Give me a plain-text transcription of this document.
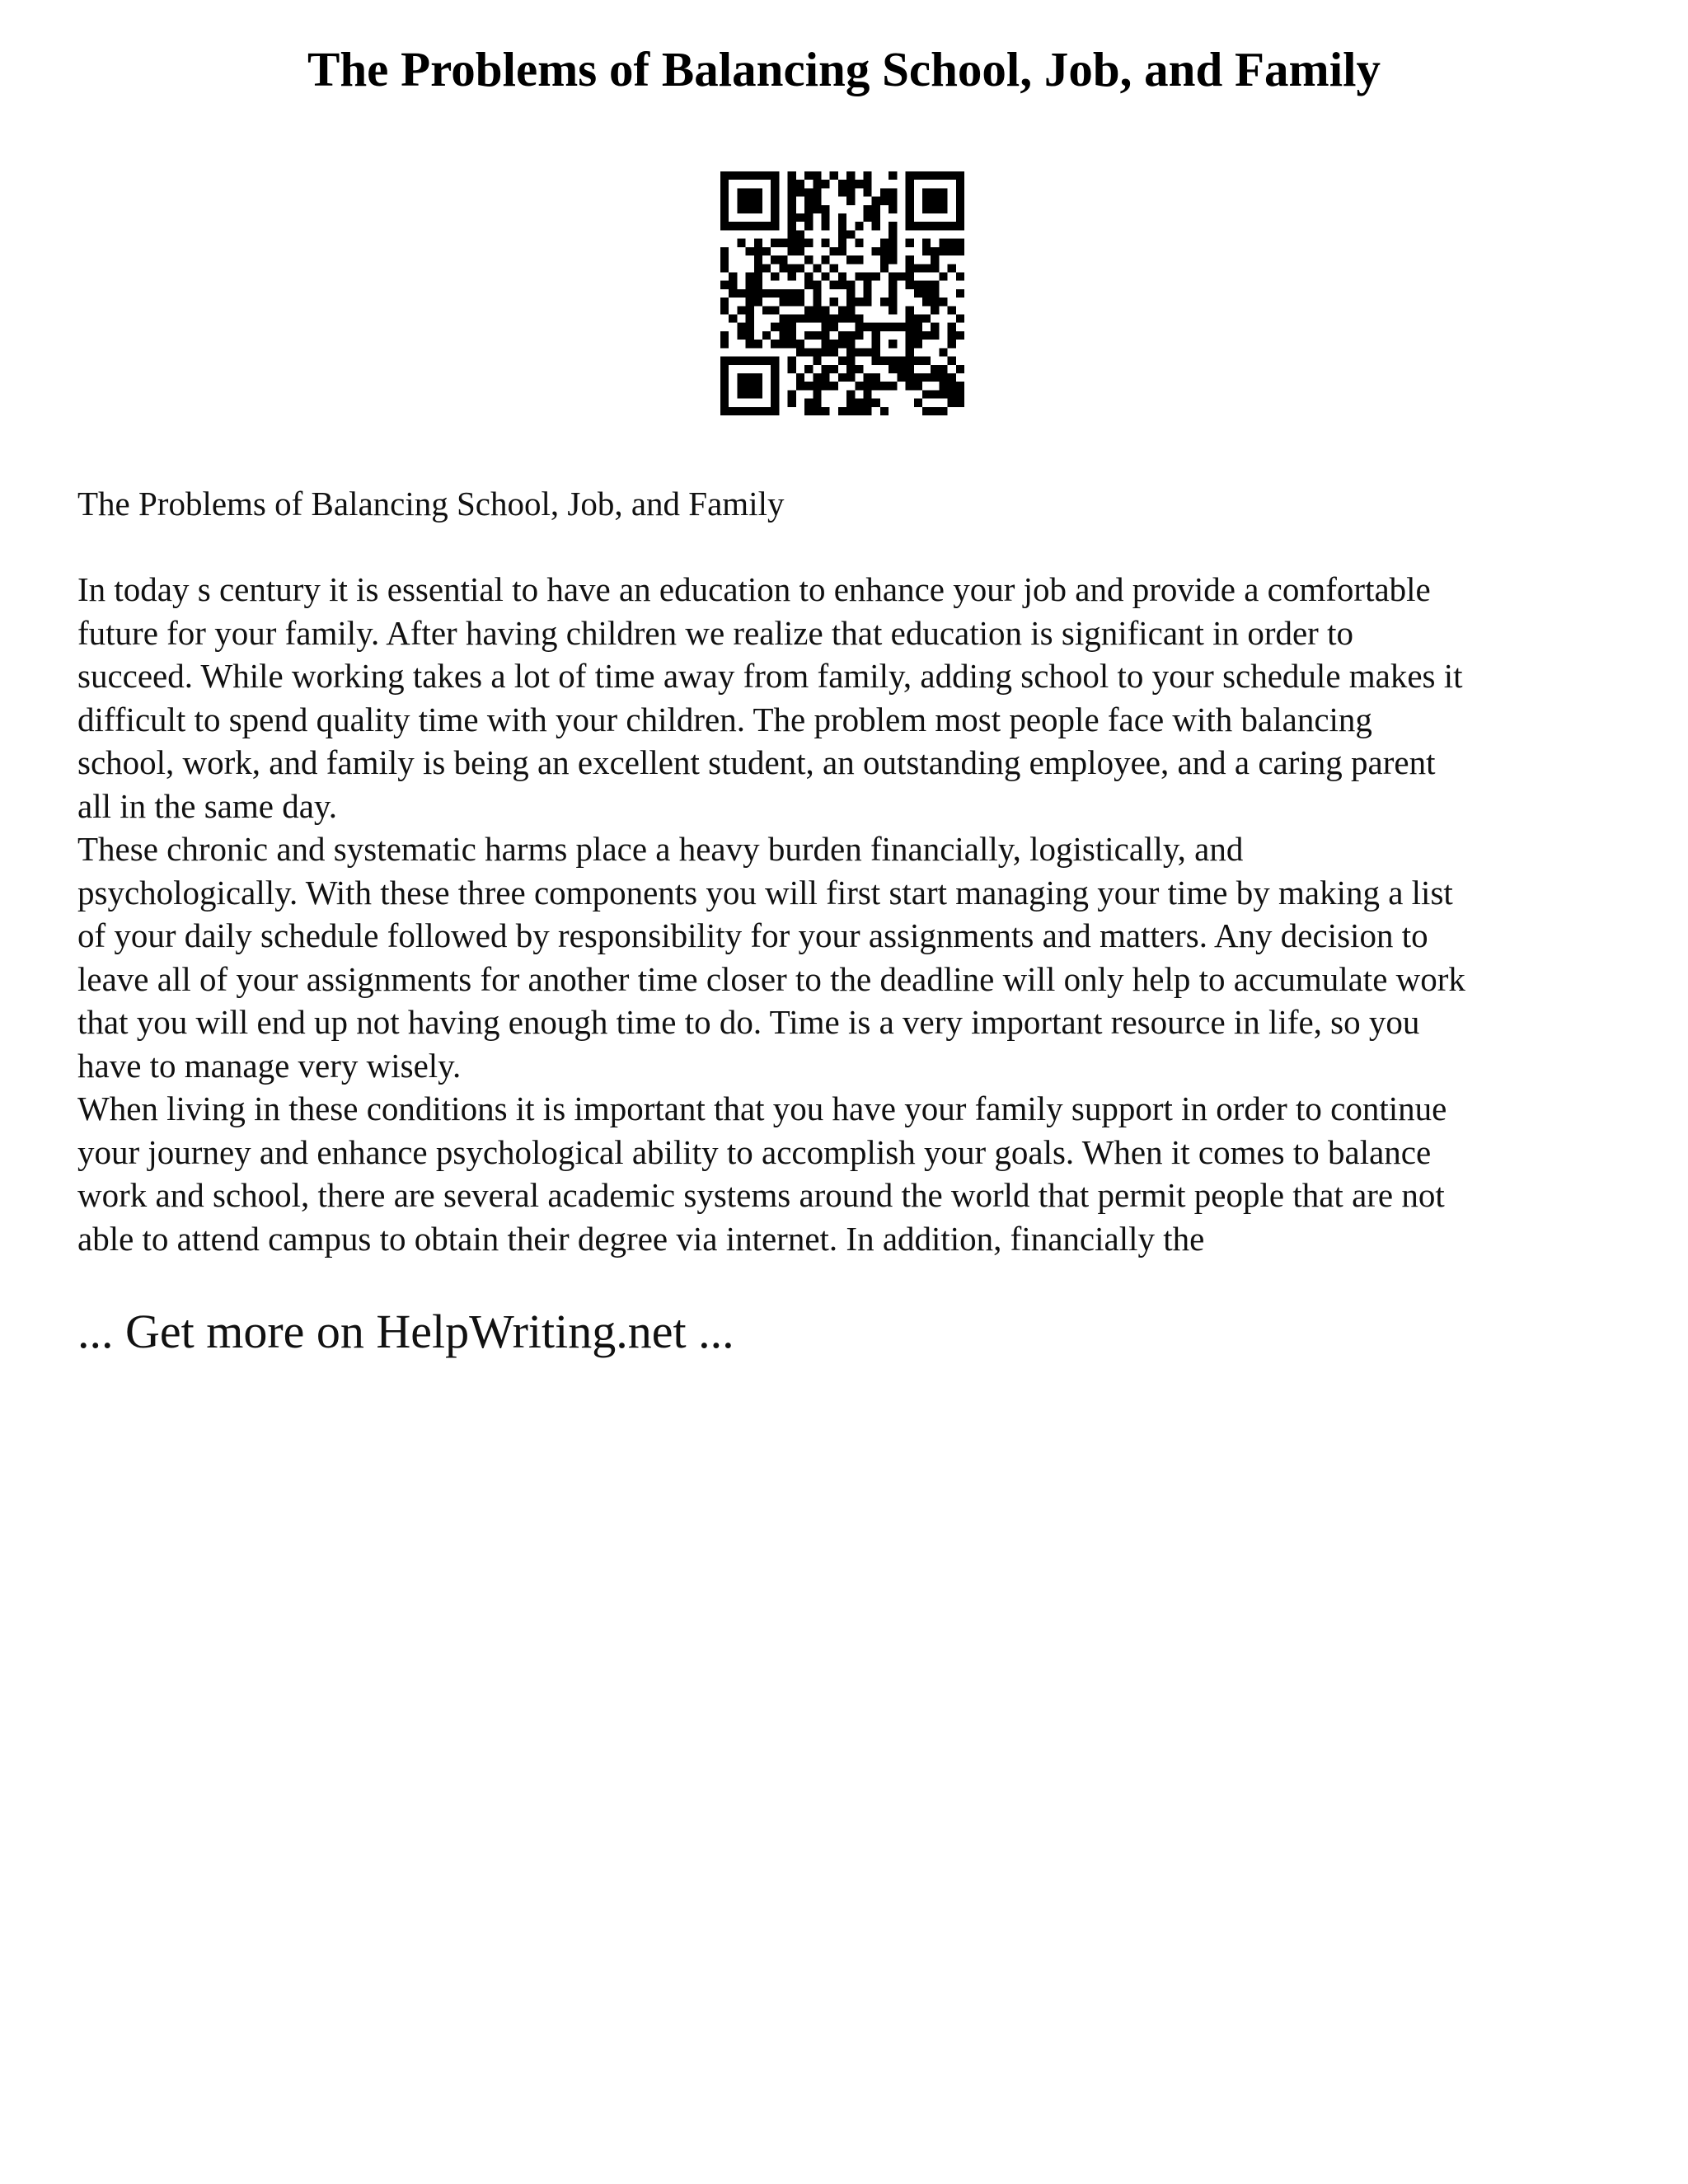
The Problems of Balancing School, Job, and Family

The Problems of Balancing School, Job, and Family

In today s century it is essential to have an education to enhance your job and provide a comfortable
future for your family. After having children we realize that education is significant in order to
succeed. While working takes a lot of time away from family, adding school to your schedule makes it
difficult to spend quality time with your children. The problem most people face with balancing
school, work, and family is being an excellent student, an outstanding employee, and a caring parent
all in the same day.

These chronic and systematic harms place a heavy burden financially, logistically, and
psychologically. With these three components you will first start managing your time by making a list
of your daily schedule followed by responsibility for your assignments and matters. Any decision to
leave all of your assignments for another time closer to the deadline will only help to accumulate work
that you will end up not having enough time to do. Time is a very important resource in life, so you
have to manage very wisely.

When living in these conditions it is important that you have your family support in order to continue
your journey and enhance psychological ability to accomplish your goals. When it comes to balance
work and school, there are several academic systems around the world that permit people that are not
able to attend campus to obtain their degree via internet. In addition, financially the

... Get more on HelpWriting.net ...
